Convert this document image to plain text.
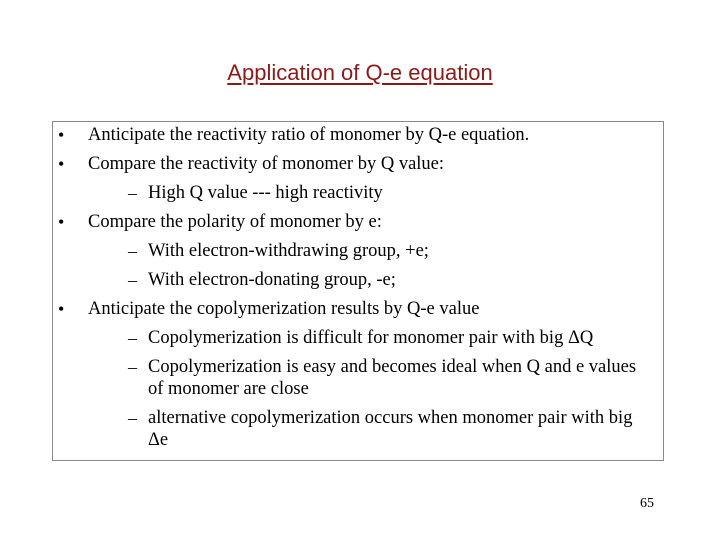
Application of Q-e equation
• Anticipate the reactivity ratio of monomer by Q-e equation.
• Compare the reactivity of monomer by Q value:
– High Q value --- high reactivity
• Compare the polarity of monomer by e:
– With electron-withdrawing group, +e;
– With electron-donating group, -e;
• Anticipate the copolymerization results by Q-e value
– Copolymerization is difficult for monomer pair with big ΔQ
– Copolymerization is easy and becomes ideal when Q and e values
of monomer are close
– alternative copolymerization occurs when monomer pair with big
Δe
65
